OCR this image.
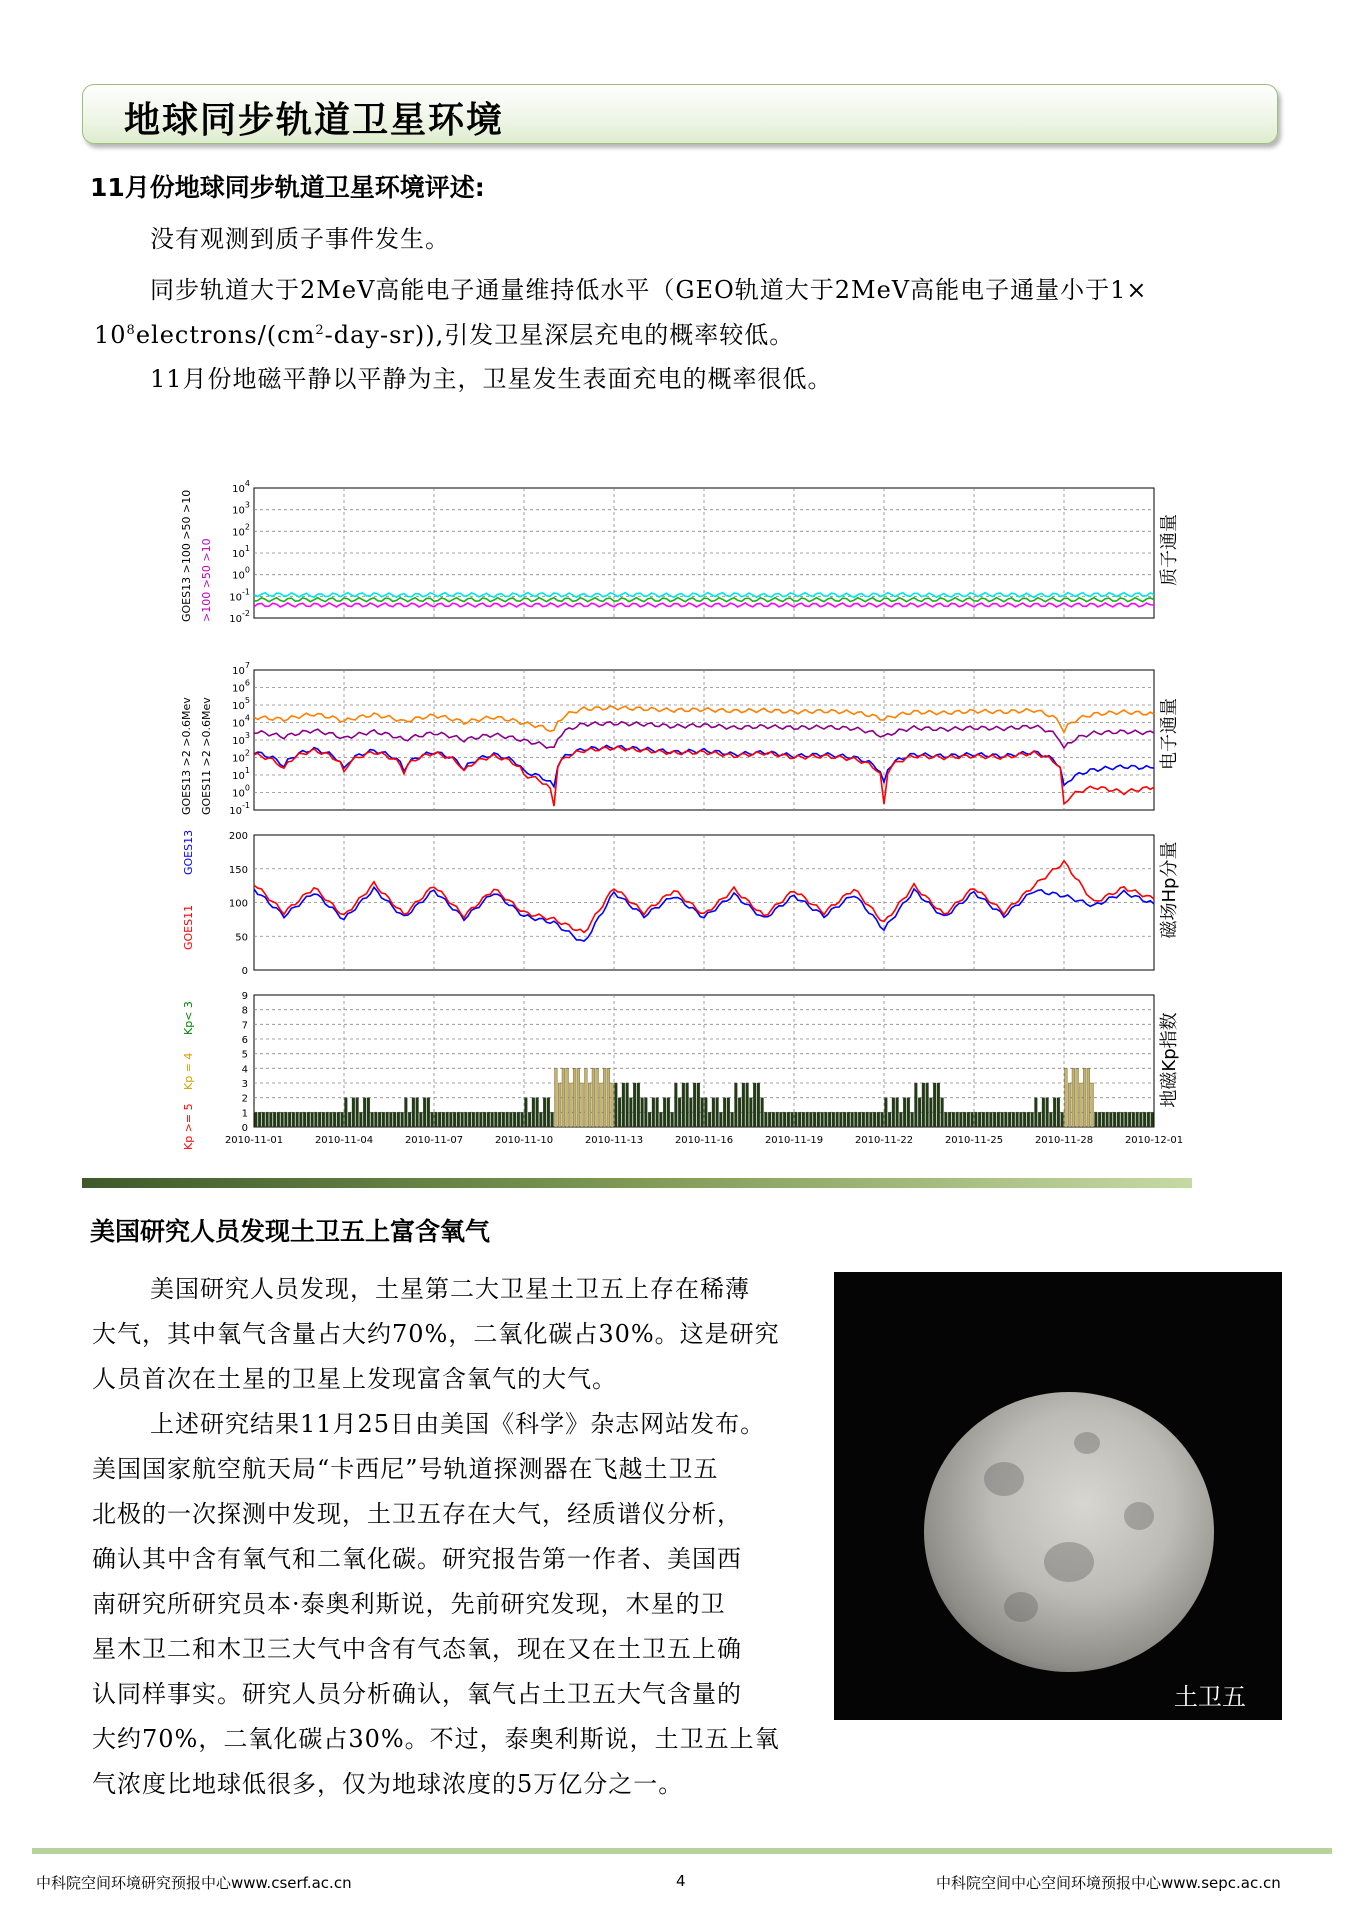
地球同步轨道卫星环境
11月份地球同步轨道卫星环境评述:
没有观测到质子事件发生。
同步轨道大于2MeV高能电子通量维持低水平（GEO轨道大于2MeV高能电子通量小于1×
$10^8electrons/(cm^2-day-sr)$),引发卫星深层充电的概率较低。
11月份地磁平静以平静为主，卫星发生表面充电的概率很低。
$10^{-2}$
$10^{-1}$
$10^0$
$10^1$
$10^2$
$10^3$
$10^4$
$10^{-1}$
$10^0$
$10^1$
$10^2$
$10^3$
$10^4$
$10^5$
$10^6$
$10^7$
0
50
100
150
200
0
1
2
3
4
5
6
7
8
9
2010-11-01	2010-11-04	2010-11-07	2010-11-10	2010-11-13	2010-11-16	2010-11-19	2010-11-22	2010-11-25	2010-11-28	2010-12-01
GOES13 >100 >50 >10 >100 >50 >10
GOES13 >2 >0.6Mev GOES11 >2 >0.6Mev
GOES13
GOES11
Kp >= 5
Kp = 4
Kp< 3
质子通量
电子通量
磁场Hp分量
地磁Kp指数
美国研究人员发现土卫五上富含氧气
美国研究人员发现，土星第二大卫星土卫五上存在稀薄
大气，其中氧气含量占大约70%，二氧化碳占30%。这是研究
人员首次在土星的卫星上发现富含氧气的大气。
上述研究结果11月25日由美国《科学》杂志网站发布。
美国国家航空航天局“卡西尼”号轨道探测器在飞越土卫五
北极的一次探测中发现，土卫五存在大气，经质谱仪分析，
确认其中含有氧气和二氧化碳。研究报告第一作者、美国西
南研究所研究员本·泰奥利斯说，先前研究发现，木星的卫
星木卫二和木卫三大气中含有气态氧，现在又在土卫五上确
认同样事实。研究人员分析确认，氧气占土卫五大气含量的
大约70%，二氧化碳占30%。不过，泰奥利斯说，土卫五上氧
气浓度比地球低很多，仅为地球浓度的5万亿分之一。
土卫五
中科院空间环境研究预报中心www.cserf.ac.cn	4	中科院空间中心空间环境预报中心www.sepc.ac.cn
